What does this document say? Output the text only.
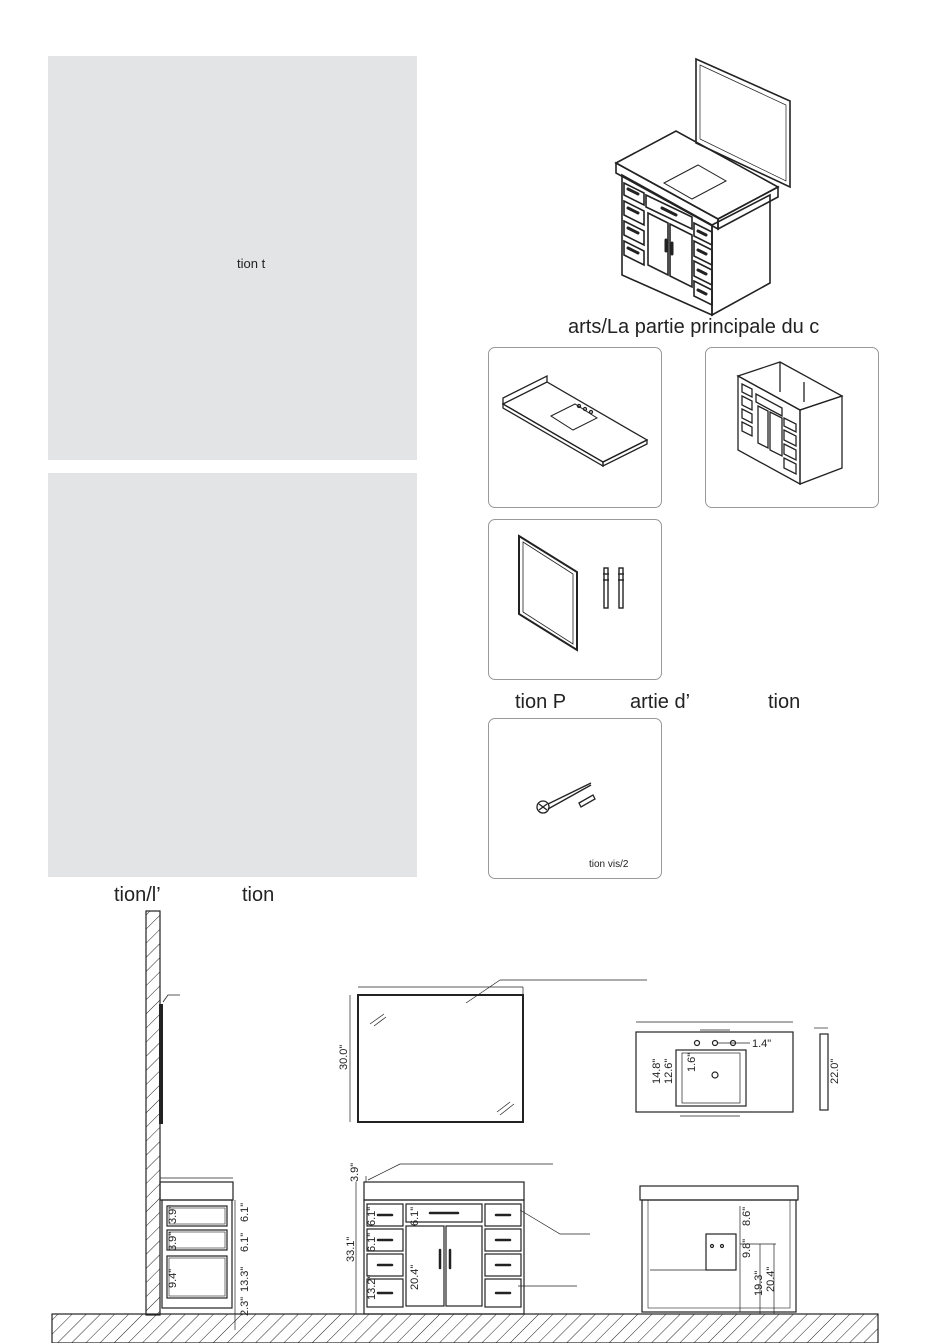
tion t
arts/La partie principale du c
tion P	artie d’	tion
tion vis/2
tion/l’	tion
3.9"
3.9"
9.4"
6.1"
6.1"
13.3"
2.3"
30.0"
1.4"
22.0"
14.8" 12.6" 1.6"
3.9"
33.1"
6.1"
6.1"
13.2"
6.1"
20.4"
8.6"
9.8"
19.3" 20.4"
